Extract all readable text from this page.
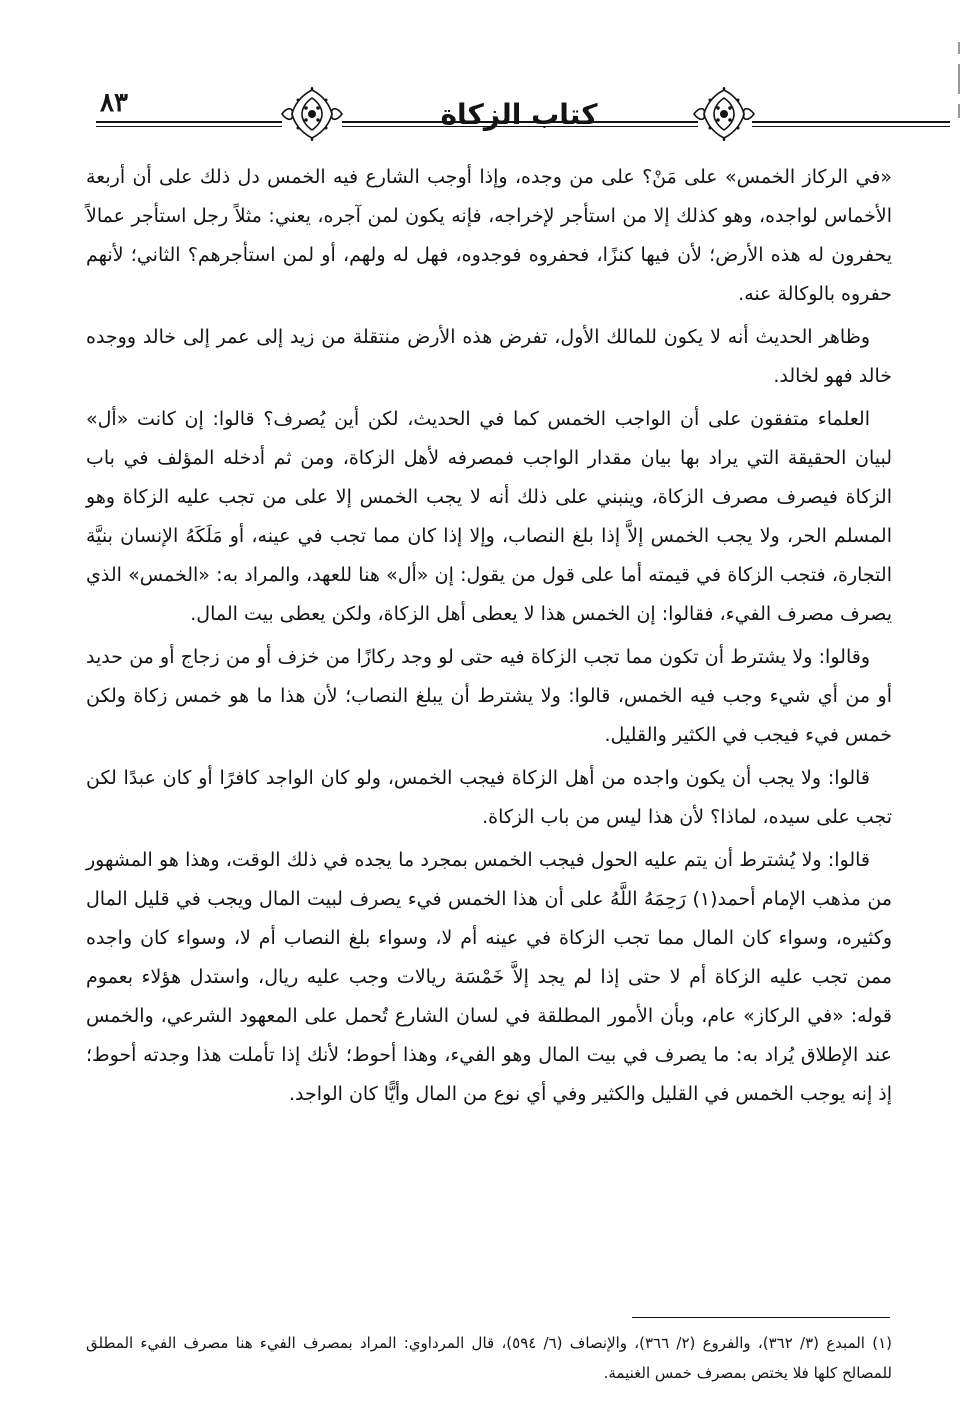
٨٣	كتاب الزكاة

«في الركاز الخمس» على مَنْ؟ على من وجده، وإذا أوجب الشارع فيه الخمس دل ذلك على أن أربعة الأخماس لواجده، وهو كذلك إلا من استأجر لإخراجه، فإنه يكون لمن آجره، يعني: مثلاً رجل استأجر عمالاً يحفرون له هذه الأرض؛ لأن فيها كنزًا، فحفروه فوجدوه، فهل له ولهم، أو لمن استأجرهم؟ الثاني؛ لأنهم حفروه بالوكالة عنه.

وظاهر الحديث أنه لا يكون للمالك الأول، تفرض هذه الأرض منتقلة من زيد إلى عمر إلى خالد ووجده خالد فهو لخالد.

العلماء متفقون على أن الواجب الخمس كما في الحديث، لكن أين يُصرف؟ قالوا: إن كانت «أل» لبيان الحقيقة التي يراد بها بيان مقدار الواجب فمصرفه لأهل الزكاة، ومن ثم أدخله المؤلف في باب الزكاة فيصرف مصرف الزكاة، وينبني على ذلك أنه لا يجب الخمس إلا على من تجب عليه الزكاة وهو المسلم الحر، ولا يجب الخمس إلاَّ إذا بلغ النصاب، وإلا إذا كان مما تجب في عينه، أو مَلَكَهُ الإنسان بنيَّة التجارة، فتجب الزكاة في قيمته أما على قول من يقول: إن «أل» هنا للعهد، والمراد به: «الخمس» الذي يصرف مصرف الفيء، فقالوا: إن الخمس هذا لا يعطى أهل الزكاة، ولكن يعطى بيت المال.

وقالوا: ولا يشترط أن تكون مما تجب الزكاة فيه حتى لو وجد ركازًا من خزف أو من زجاج أو من حديد أو من أي شيء وجب فيه الخمس، قالوا: ولا يشترط أن يبلغ النصاب؛ لأن هذا ما هو خمس زكاة ولكن خمس فيء فيجب في الكثير والقليل.

قالوا: ولا يجب أن يكون واجده من أهل الزكاة فيجب الخمس، ولو كان الواجد كافرًا أو كان عبدًا لكن تجب على سيده، لماذا؟ لأن هذا ليس من باب الزكاة.

قالوا: ولا يُشترط أن يتم عليه الحول فيجب الخمس بمجرد ما يجده في ذلك الوقت، وهذا هو المشهور من مذهب الإمام أحمد(١) رَحِمَهُ اللَّهُ على أن هذا الخمس فيء يصرف لبيت المال ويجب في قليل المال وكثيره، وسواء كان المال مما تجب الزكاة في عينه أم لا، وسواء بلغ النصاب أم لا، وسواء كان واجده ممن تجب عليه الزكاة أم لا حتى إذا لم يجد إلاَّ خَمْسَة ريالات وجب عليه ريال، واستدل هؤلاء بعموم قوله: «في الركاز» عام، وبأن الأمور المطلقة في لسان الشارع تُحمل على المعهود الشرعي، والخمس عند الإطلاق يُراد به: ما يصرف في بيت المال وهو الفيء، وهذا أحوط؛ لأنك إذا تأملت هذا وجدته أحوط؛ إذ إنه يوجب الخمس في القليل والكثير وفي أي نوع من المال وأيًّا كان الواجد.

(١) المبدع (٣/ ٣٦٢)، والفروع (٢/ ٣٦٦)، والإنصاف (٦/ ٥٩٤)، قال المرداوي: المراد بمصرف الفيء هنا مصرف الفيء المطلق للمصالح كلها فلا يختص بمصرف خمس الغنيمة.
